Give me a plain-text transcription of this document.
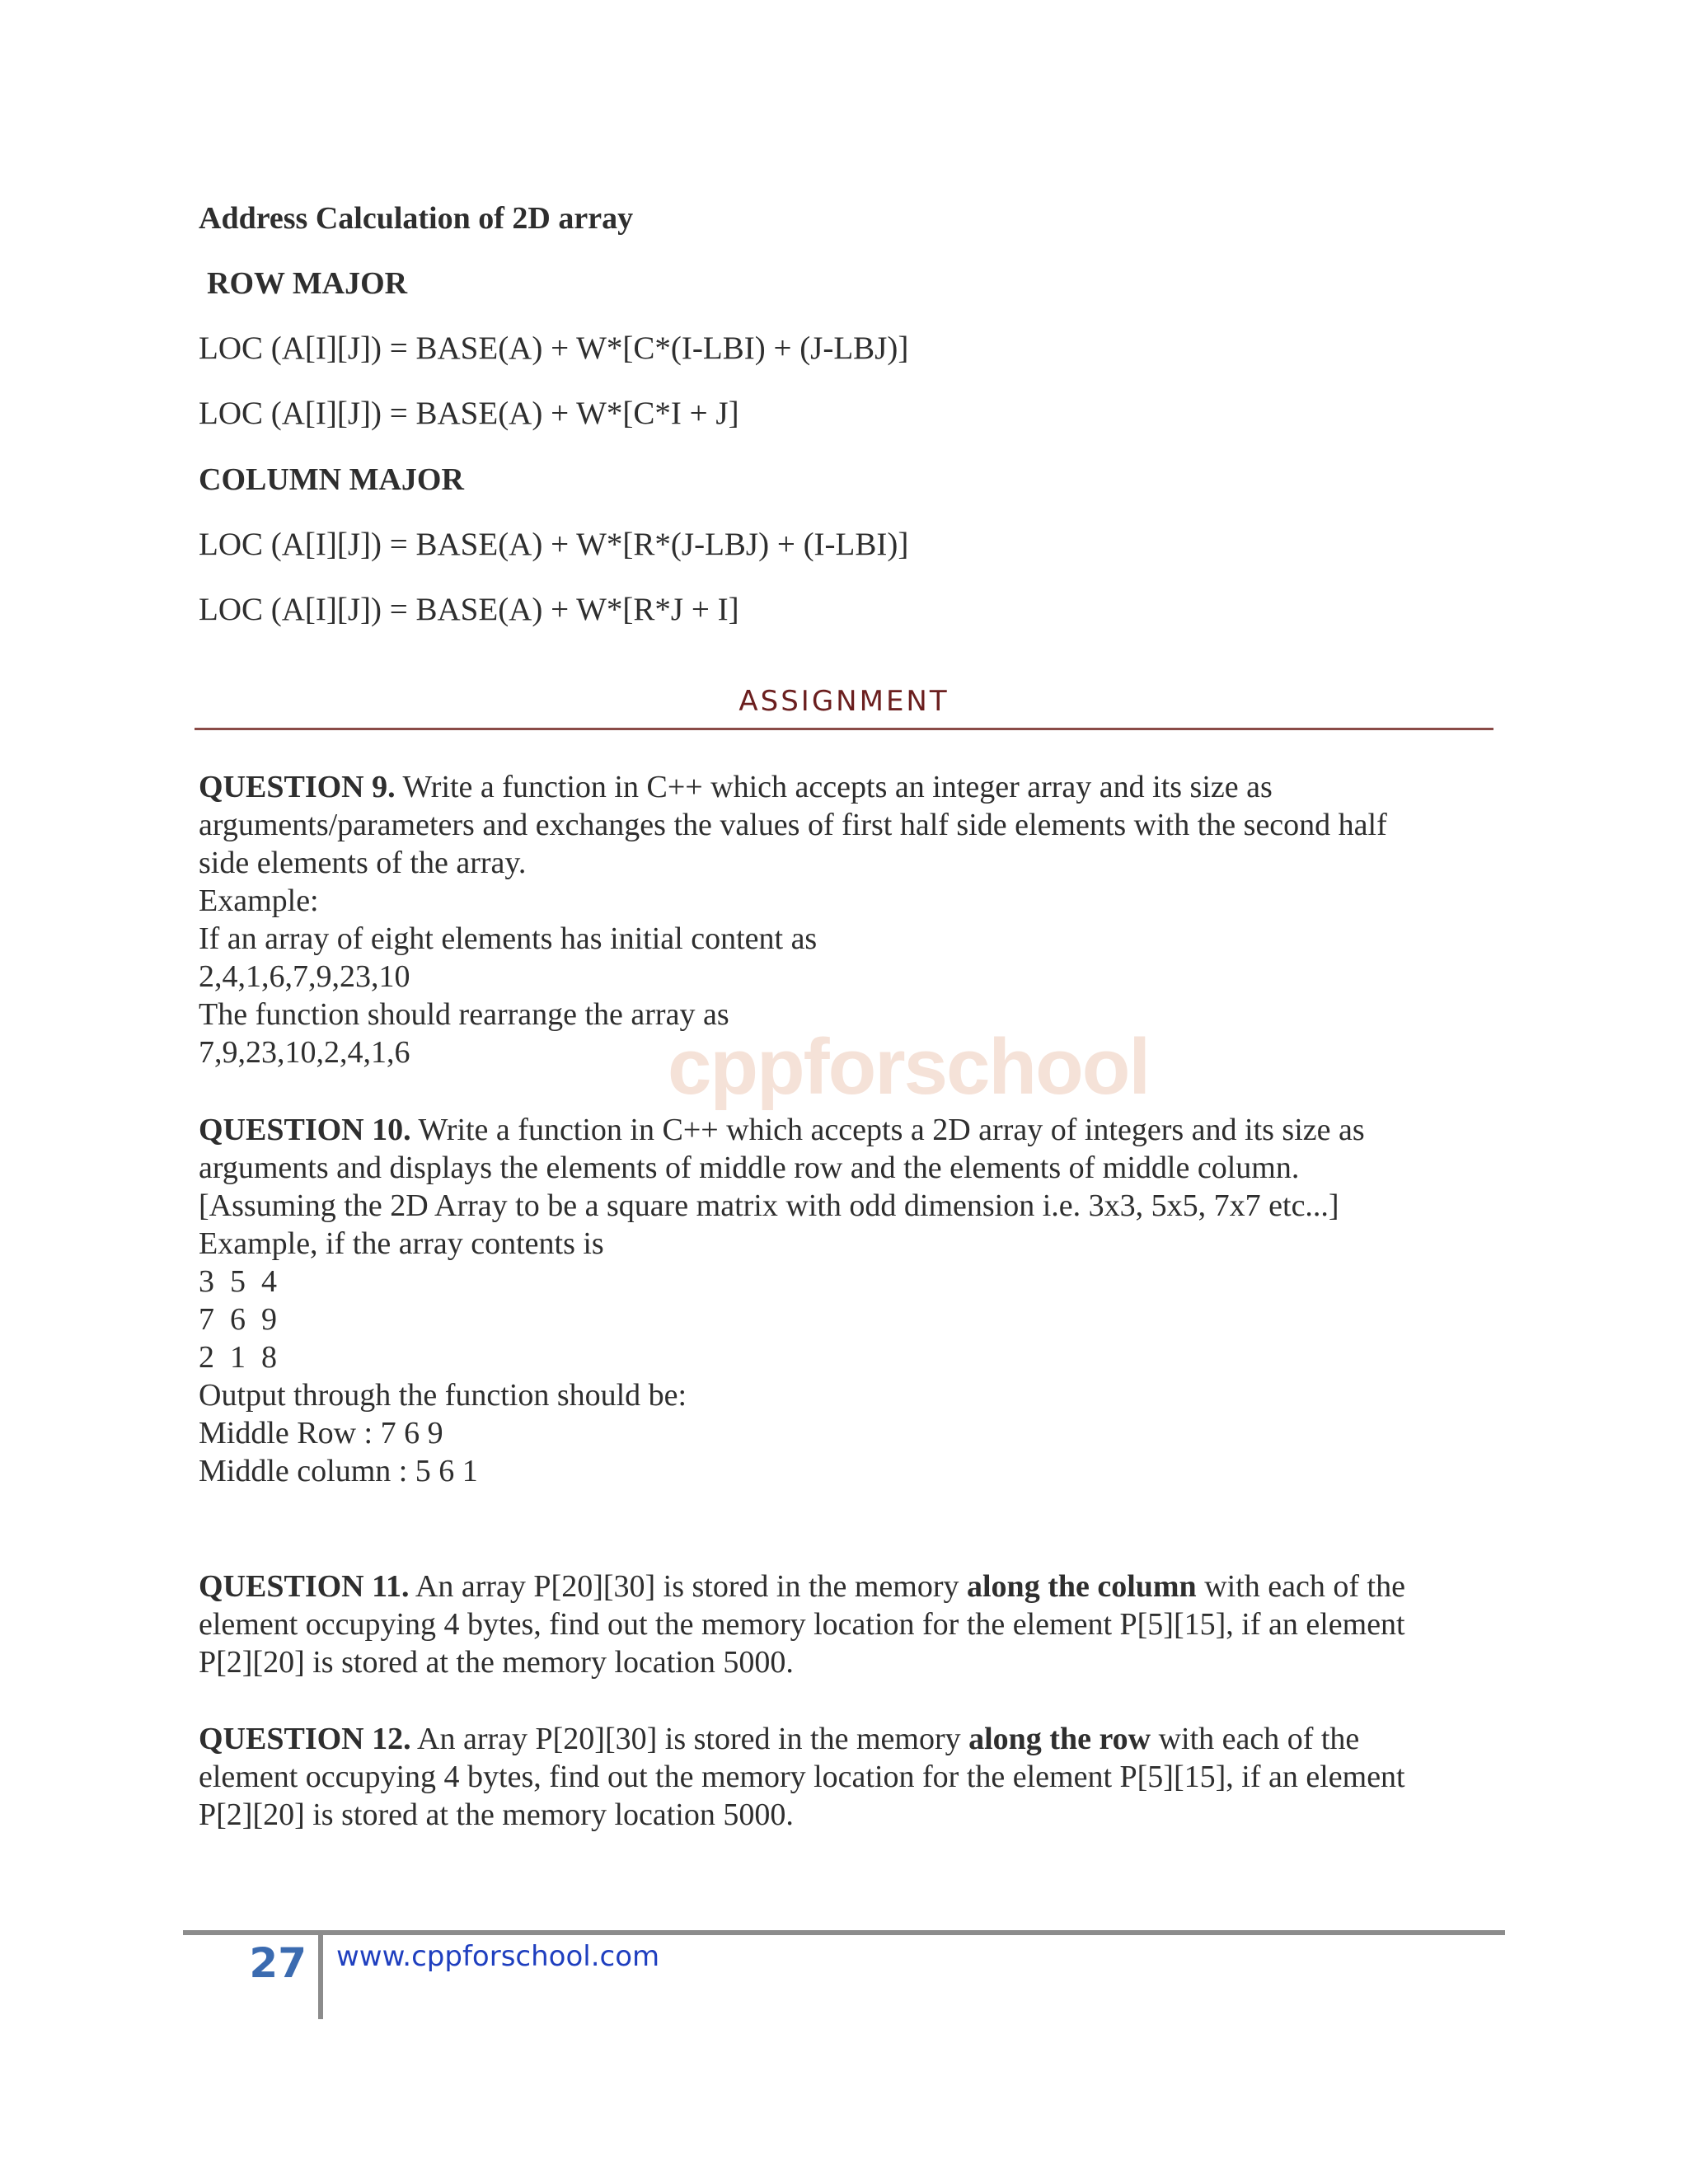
Address Calculation of 2D array
ROW MAJOR
LOC (A[I][J]) = BASE(A) + W*[C*(I-LBI) + (J-LBJ)]
LOC (A[I][J]) = BASE(A) + W*[C*I + J]
COLUMN MAJOR
LOC (A[I][J]) = BASE(A) + W*[R*(J-LBJ) + (I-LBI)]
LOC (A[I][J]) = BASE(A) + W*[R*J + I]
ASSIGNMENT
cppforschool
QUESTION 9. Write a function in C++ which accepts an integer array and its size as
arguments/parameters and exchanges the values of first half side elements with the second half
side elements of the array.
Example:
If an array of eight elements has initial content as
2,4,1,6,7,9,23,10
The function should rearrange the array as
7,9,23,10,2,4,1,6
QUESTION 10. Write a function in C++ which accepts a 2D array of integers and its size as
arguments and displays the elements of middle row and the elements of middle column.
[Assuming the 2D Array to be a square matrix with odd dimension i.e. 3x3, 5x5, 7x7 etc...]
Example, if the array contents is
3  5  4
7  6  9
2  1  8
Output through the function should be:
Middle Row : 7 6 9
Middle column : 5 6 1
QUESTION 11. An array P[20][30] is stored in the memory along the column with each of the
element occupying 4 bytes, find out the memory location for the element P[5][15], if an element
P[2][20] is stored at the memory location 5000.
QUESTION 12. An array P[20][30] is stored in the memory along the row with each of the
element occupying 4 bytes, find out the memory location for the element P[5][15], if an element
P[2][20] is stored at the memory location 5000.
27 www.cppforschool.com
